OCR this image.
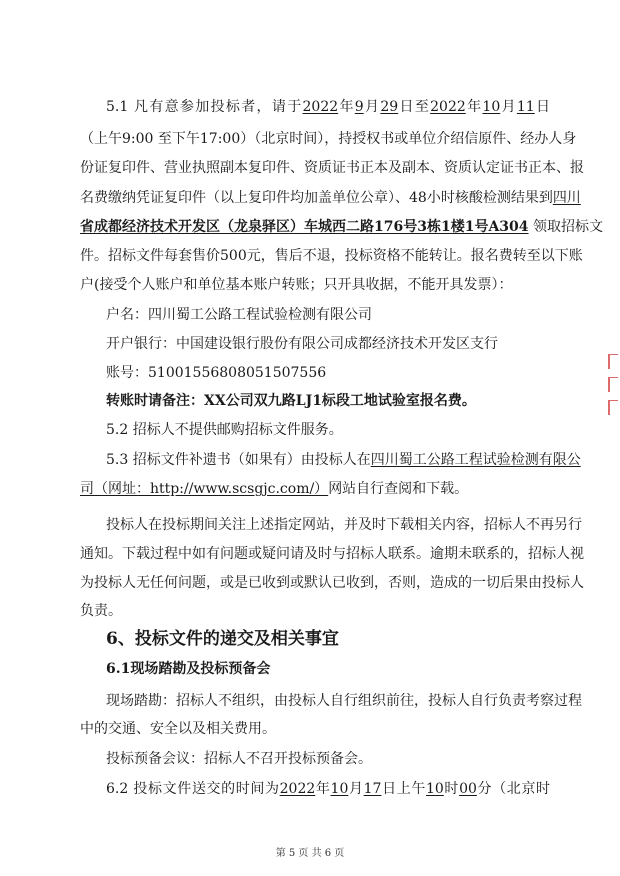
5.1 凡有意参加投标者，请于2022年9月29日至2022年10月11日
（上午9:00 至下午17:00）（北京时间），持授权书或单位介绍信原件、经办人身
份证复印件、营业执照副本复印件、资质证书正本及副本、资质认定证书正本、报
名费缴纳凭证复印件（以上复印件均加盖单位公章）、48小时核酸检测结果到四川
省成都经济技术开发区（龙泉驿区）车城西二路176号3栋1楼1号A304 领取招标文
件。招标文件每套售价500元，售后不退，投标资格不能转让。报名费转至以下账
户(接受个人账户和单位基本账户转账；只开具收据，不能开具发票）：
户名：四川蜀工公路工程试验检测有限公司
开户银行：中国建设银行股份有限公司成都经济技术开发区支行
账号：51001556808051507556
转账时请备注：XX公司双九路LJ1标段工地试验室报名费。
5.2 招标人不提供邮购招标文件服务。
5.3 招标文件补遗书（如果有）由投标人在四川蜀工公路工程试验检测有限公
司（网址：http://www.scsgjc.com/）网站自行查阅和下载。
投标人在投标期间关注上述指定网站，并及时下载相关内容，招标人不再另行
通知。下载过程中如有问题或疑问请及时与招标人联系。逾期未联系的，招标人视
为投标人无任何问题，或是已收到或默认已收到，否则，造成的一切后果由投标人
负责。
6、投标文件的递交及相关事宜
6.1现场踏勘及投标预备会
现场踏勘：招标人不组织，由投标人自行组织前往，投标人自行负责考察过程
中的交通、安全以及相关费用。
投标预备会议：招标人不召开投标预备会。
6.2 投标文件送交的时间为2022年10月17日上午10时00分（北京时
第 5 页 共 6 页
